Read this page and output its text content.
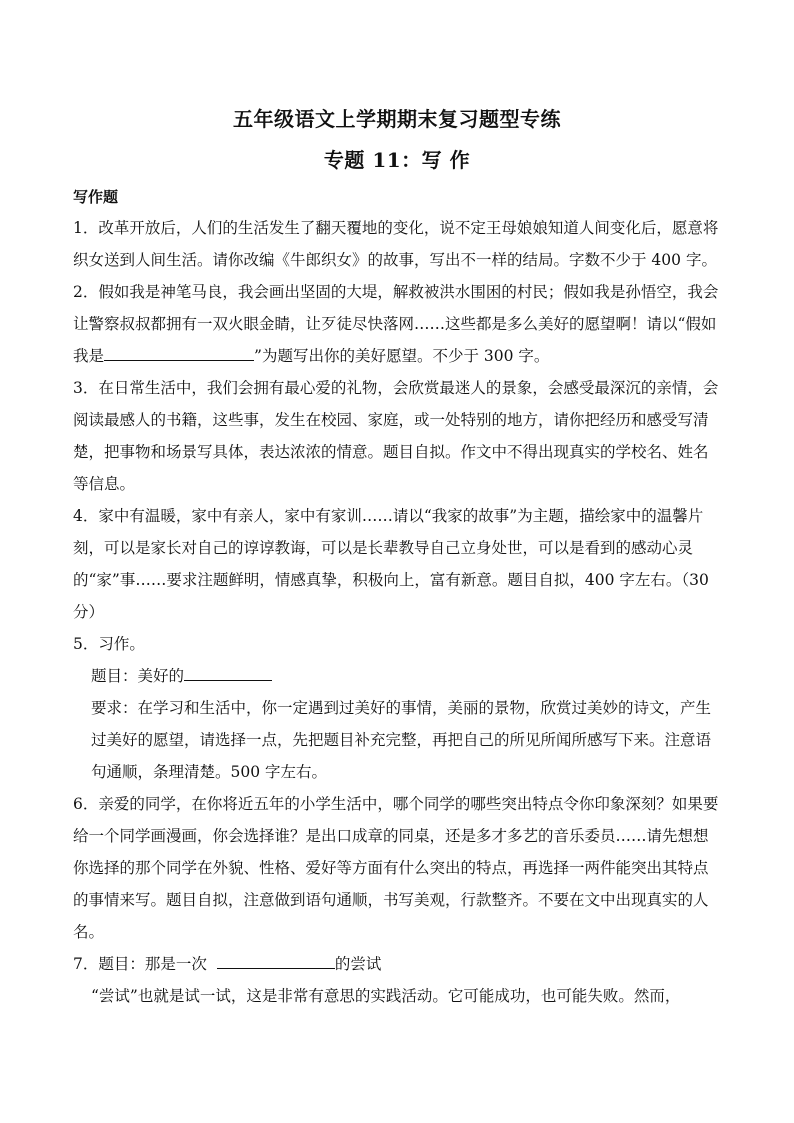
五年级语文上学期期末复习题型专练
专题 11：写 作
写作题

1．改革开放后，人们的生活发生了翻天覆地的变化，说不定王母娘娘知道人间变化后，愿意将织女送到人间生活。请你改编《牛郎织女》的故事，写出不一样的结局。字数不少于 400 字。

2．假如我是神笔马良，我会画出坚固的大堤，解救被洪水围困的村民；假如我是孙悟空，我会让警察叔叔都拥有一双火眼金睛，让歹徒尽快落网……这些都是多么美好的愿望啊！请以“假如我是	”为题写出你的美好愿望。不少于 300 字。

3．在日常生活中，我们会拥有最心爱的礼物，会欣赏最迷人的景象，会感受最深沉的亲情，会阅读最感人的书籍，这些事，发生在校园、家庭，或一处特别的地方，请你把经历和感受写清楚，把事物和场景写具体，表达浓浓的情意。题目自拟。作文中不得出现真实的学校名、姓名等信息。

4．家中有温暖，家中有亲人，家中有家训……请以“我家的故事”为主题，描绘家中的温馨片刻，可以是家长对自己的谆谆教诲，可以是长辈教导自己立身处世，可以是看到的感动心灵的“家”事……要求注题鲜明，情感真挚，积极向上，富有新意。题目自拟，400 字左右。（30 分）

5．习作。

题目：美好的

要求：在学习和生活中，你一定遇到过美好的事情，美丽的景物，欣赏过美妙的诗文，产生过美好的愿望，请选择一点，先把题目补充完整，再把自己的所见所闻所感写下来。注意语句通顺，条理清楚。500 字左右。

6．亲爱的同学，在你将近五年的小学生活中，哪个同学的哪些突出特点令你印象深刻？如果要给一个同学画漫画，你会选择谁？是出口成章的同桌，还是多才多艺的音乐委员……请先想想你选择的那个同学在外貌、性格、爱好等方面有什么突出的特点，再选择一两件能突出其特点的事情来写。题目自拟，注意做到语句通顺，书写美观，行款整齐。不要在文中出现真实的人名。

7．题目：那是一次	的尝试

“尝试”也就是试一试，这是非常有意思的实践活动。它可能成功，也可能失败。然而，
